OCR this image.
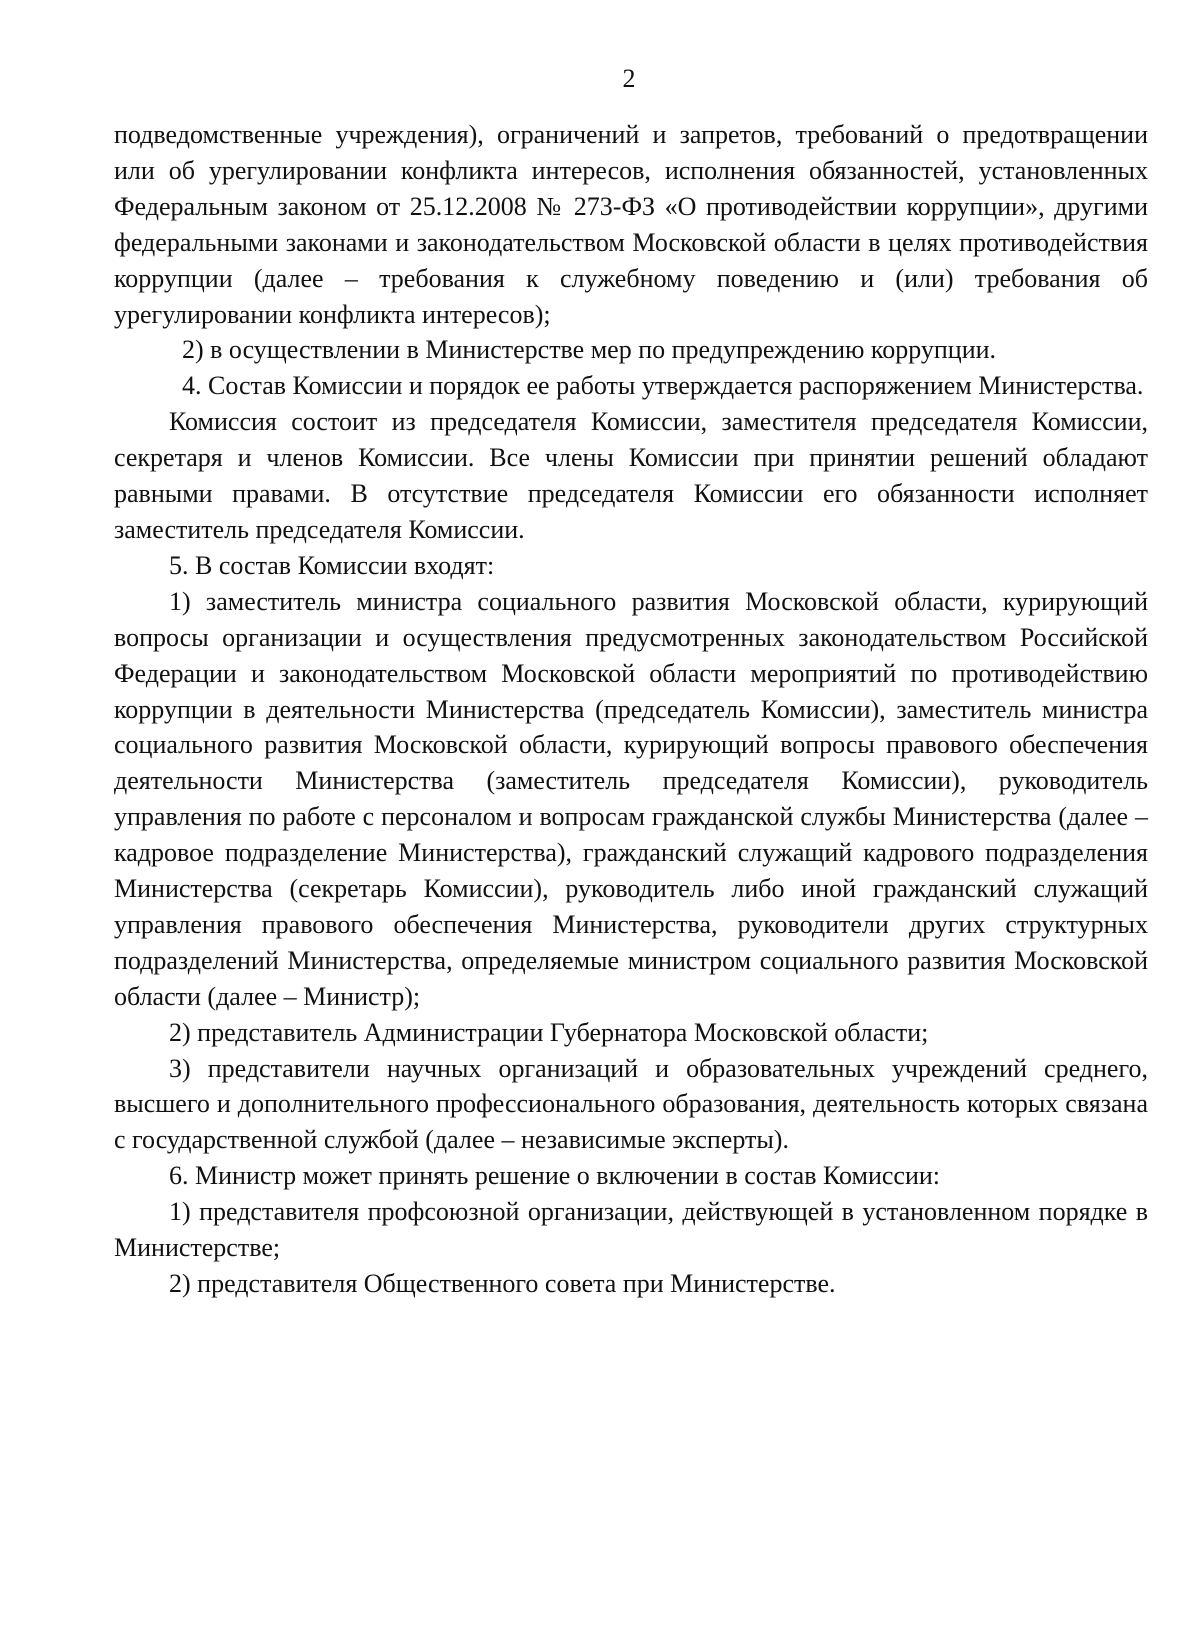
2

подведомственные учреждения), ограничений и запретов, требований о предотвращении или об урегулировании конфликта интересов, исполнения обязанностей, установленных Федеральным законом от 25.12.2008 № 273-ФЗ «О противодействии коррупции», другими федеральными законами и законодательством Московской области в целях противодействия коррупции (далее – требования к служебному поведению и (или) требования об урегулировании конфликта интересов);

2) в осуществлении в Министерстве мер по предупреждению коррупции.

4. Состав Комиссии и порядок ее работы утверждается распоряжением Министерства.

Комиссия состоит из председателя Комиссии, заместителя председателя Комиссии, секретаря и членов Комиссии. Все члены Комиссии при принятии решений обладают равными правами. В отсутствие председателя Комиссии его обязанности исполняет заместитель председателя Комиссии.

5. В состав Комиссии входят:

1) заместитель министра социального развития Московской области, курирующий вопросы организации и осуществления предусмотренных законодательством Российской Федерации и законодательством Московской области мероприятий по противодействию коррупции в деятельности Министерства (председатель Комиссии), заместитель министра социального развития Московской области, курирующий вопросы правового обеспечения деятельности Министерства (заместитель председателя Комиссии), руководитель управления по работе с персоналом и вопросам гражданской службы Министерства (далее – кадровое подразделение Министерства), гражданский служащий кадрового подразделения Министерства (секретарь Комиссии), руководитель либо иной гражданский служащий управления правового обеспечения Министерства, руководители других структурных подразделений Министерства, определяемые министром социального развития Московской области (далее – Министр);

2) представитель Администрации Губернатора Московской области;

3) представители научных организаций и образовательных учреждений среднего, высшего и дополнительного профессионального образования, деятельность которых связана с государственной службой (далее – независимые эксперты).

6. Министр может принять решение о включении в состав Комиссии:

1) представителя профсоюзной организации, действующей в установленном порядке в Министерстве;

2) представителя Общественного совета при Министерстве.
